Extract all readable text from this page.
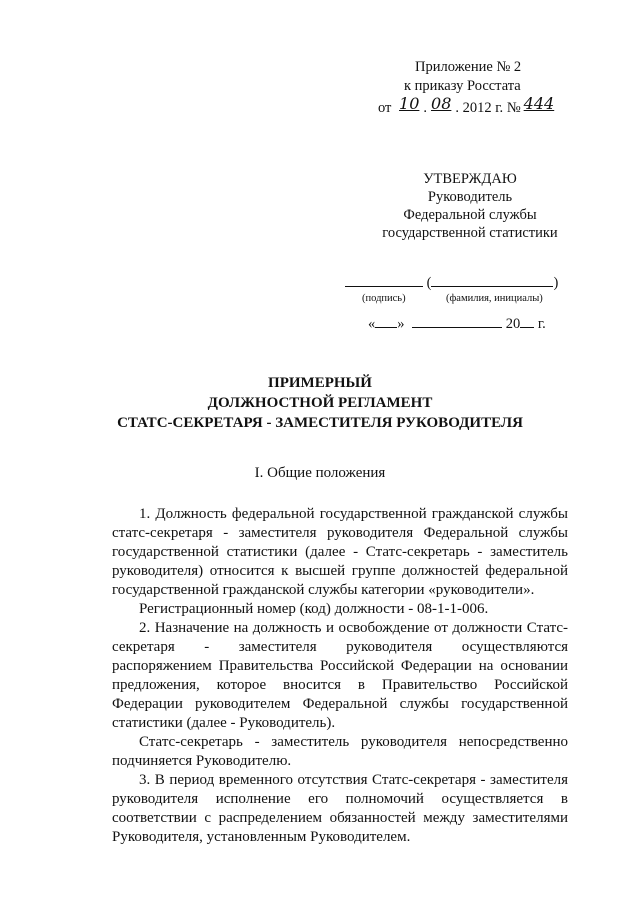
Приложение № 2
к приказу Росстата
от 10 . 08 . 2012 г. № 444
УТВЕРЖДАЮ
Руководитель
Федеральной службы
государственной статистики
(	)
(подпись)	(фамилия, инициалы)
« »	20 г.
ПРИМЕРНЫЙ
ДОЛЖНОСТНОЙ РЕГЛАМЕНТ
СТАТС-СЕКРЕТАРЯ - ЗАМЕСТИТЕЛЯ РУКОВОДИТЕЛЯ
I. Общие положения

1. Должность федеральной государственной гражданской службы статс-секретаря - заместителя руководителя Федеральной службы государственной статистики (далее - Статс-секретарь - заместитель руководителя) относится к высшей группе должностей федеральной государственной гражданской службы категории «руководители».

Регистрационный номер (код) должности - 08-1-1-006.

2. Назначение на должность и освобождение от должности Статс-секретаря - заместителя руководителя осуществляются распоряжением Правительства Российской Федерации на основании предложения, которое вносится в Правительство Российской Федерации руководителем Федеральной службы государственной статистики (далее - Руководитель).

Статс-секретарь - заместитель руководителя непосредственно подчиняется Руководителю.

3. В период временного отсутствия Статс-секретаря - заместителя руководителя исполнение его полномочий осуществляется в соответствии с распределением обязанностей между заместителями Руководителя, установленным Руководителем.
